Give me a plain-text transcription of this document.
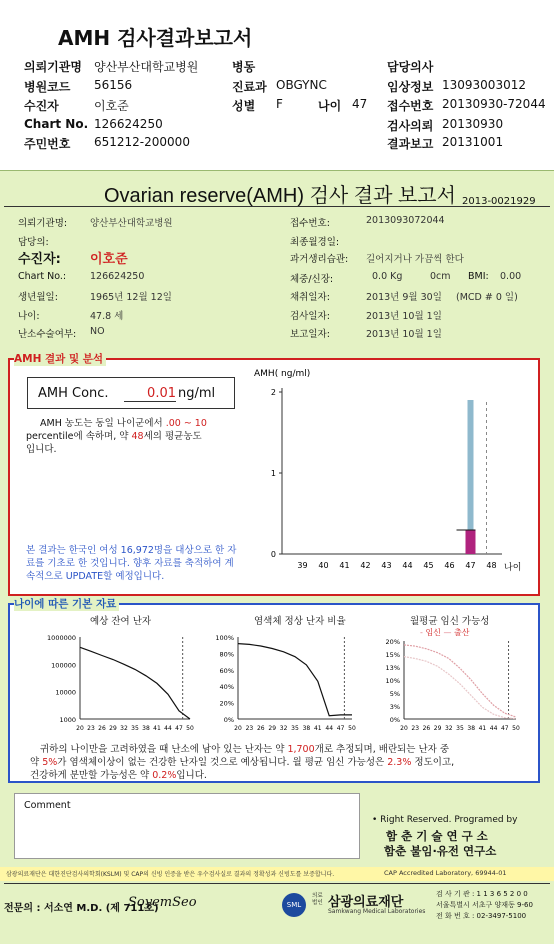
AMH 검사결과보고서
의뢰기관명 양산부산대학교병원	병동	담당의사
병원코드 56156	진료과 OBGYNC	임상정보 13093003012
수진자	이호준	성별 F	나이 47 접수번호 20130930-72044
Chart No. 126624250	검사의뢰 20130930
주민번호 651212-200000	결과보고 20131001
Ovarian reserve(AMH) 검사 결과 보고서 2013-0021929
의뢰기관명: 양산부산대학교병원
담당의:
수진자: 이호준
Chart No.:	126624250
생년월일:	1965년 12월 12일
나이:	47.8 세
난소수술여부: NO
접수번호:	2013093072044
최종월경일:
과거생리습관: 길어지거나 가끔씩 한다
체중/신장:	0.0 Kg	0cm BMI: 0.00
채취일자:	2013년 9월 30일 (MCD # 0 일)
검사일자:	2013년 10월 1일
보고일자:	2013년 10월 1일
AMH 결과 및 분석
AMH Conc.	0.01 ng/ml
AMH 농도는 동일 나이군에서 .00 ~ 10
percentile에 속하며, 약 48세의 평균농도
입니다.
본 결과는 한국인 여성 16,972명을 대상으로 한 자료를 기초로 한 것입니다. 향후 자료를 축적하여 계속적으로 UPDATE할 예정입니다.
AMH( ng/ml)
0
1
2
39 40 41 42 43 44 45 46 47 48 나이
나이에 따른 기본 자료
예상 잔여 난자	염색체 정상 난자 비율	월평균 임신 가능성
- 임신 — 출산
1000000
100000
10000
1000
20 23 26 29 32 35 38 41 44 47 50
100%
80%
60%
40%
20%
0%
20 23 26 29 32 35 38 41 44 47 50
20%
15%
13%
10%
5%
3%
0%
20 23 26 29 32 35 38 41 44 47 50
귀하의 나이만을 고려하였을 때 난소에 남아 있는 난자는 약 1,700개로 추정되며, 배란되는 난자 중
약 5%가 염색체이상이 없는 건강한 난자일 것으로 예상됩니다. 월 평균 임신 가능성은 2.3% 정도이고,
건강하게 분만할 가능성은 약 0.2%입니다.
Comment
• Right Reserved. Programed by
함 춘 기 술 연 구 소
함춘 불임·유전 연구소
삼광의료재단은 대한진단검사의학회(KSLM) 및 CAP의 신빙 인증을 받은 우수검사실로 결과의 정확성과 신빙도를 보증합니다.	CAP Accredited Laboratory, 69944-01
전문의 : 서소연 M.D. (제 711호)
SoyemSeo	SML
의료법인 삼광의료재단
Samkwang Medical Laboratories
검 사 기 관 : 1 1 3 6 5 2 0 0
서울특별시 서초구 양재동 9-60
전 화 번 호 : 02-3497-5100
